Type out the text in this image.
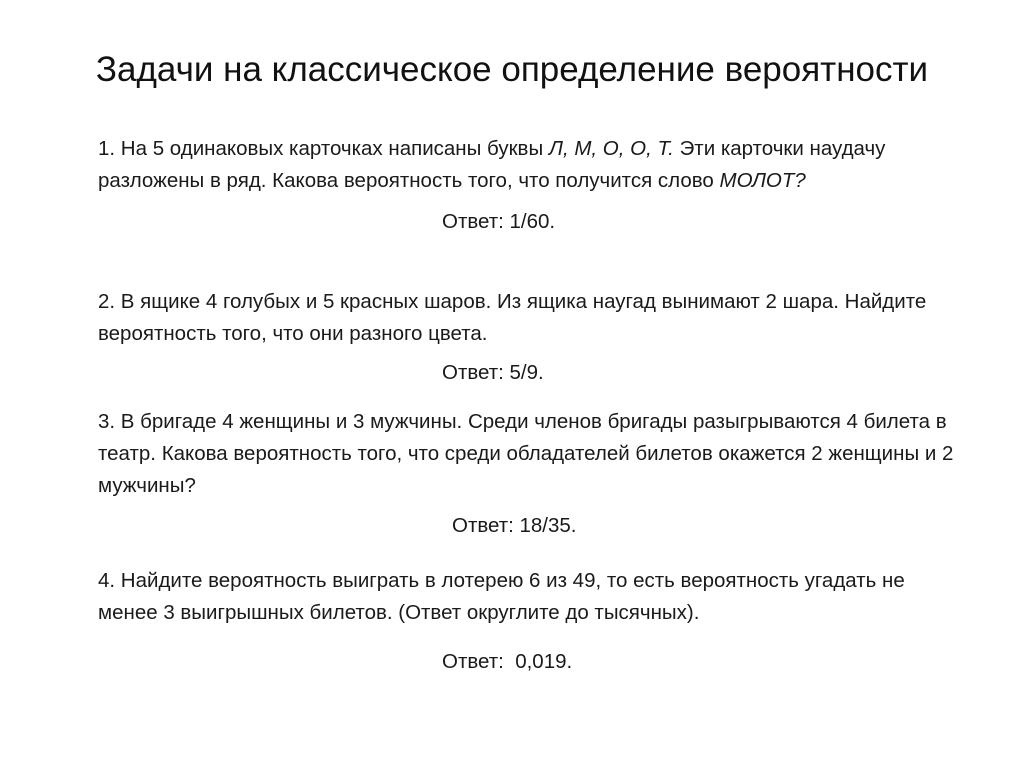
Задачи на классическое определение вероятности

1. На 5 одинаковых карточках написаны буквы Л, М, О, О, Т. Эти карточки наудачу разложены в ряд. Какова вероятность того, что получится слово МОЛОТ?

Ответ: 1/60.

2. В ящике 4 голубых и 5 красных шаров. Из ящика наугад вынимают 2 шара. Найдите вероятность того, что они разного цвета.

Ответ: 5/9.

3. В бригаде 4 женщины и 3 мужчины. Среди членов бригады разыгрываются 4 билета в театр. Какова вероятность того, что среди обладателей билетов окажется 2 женщины и 2 мужчины?

Ответ: 18/35.

4. Найдите вероятность выиграть в лотерею 6 из 49, то есть вероятность угадать не менее 3 выигрышных билетов. (Ответ округлите до тысячных).

Ответ:  0,019.
